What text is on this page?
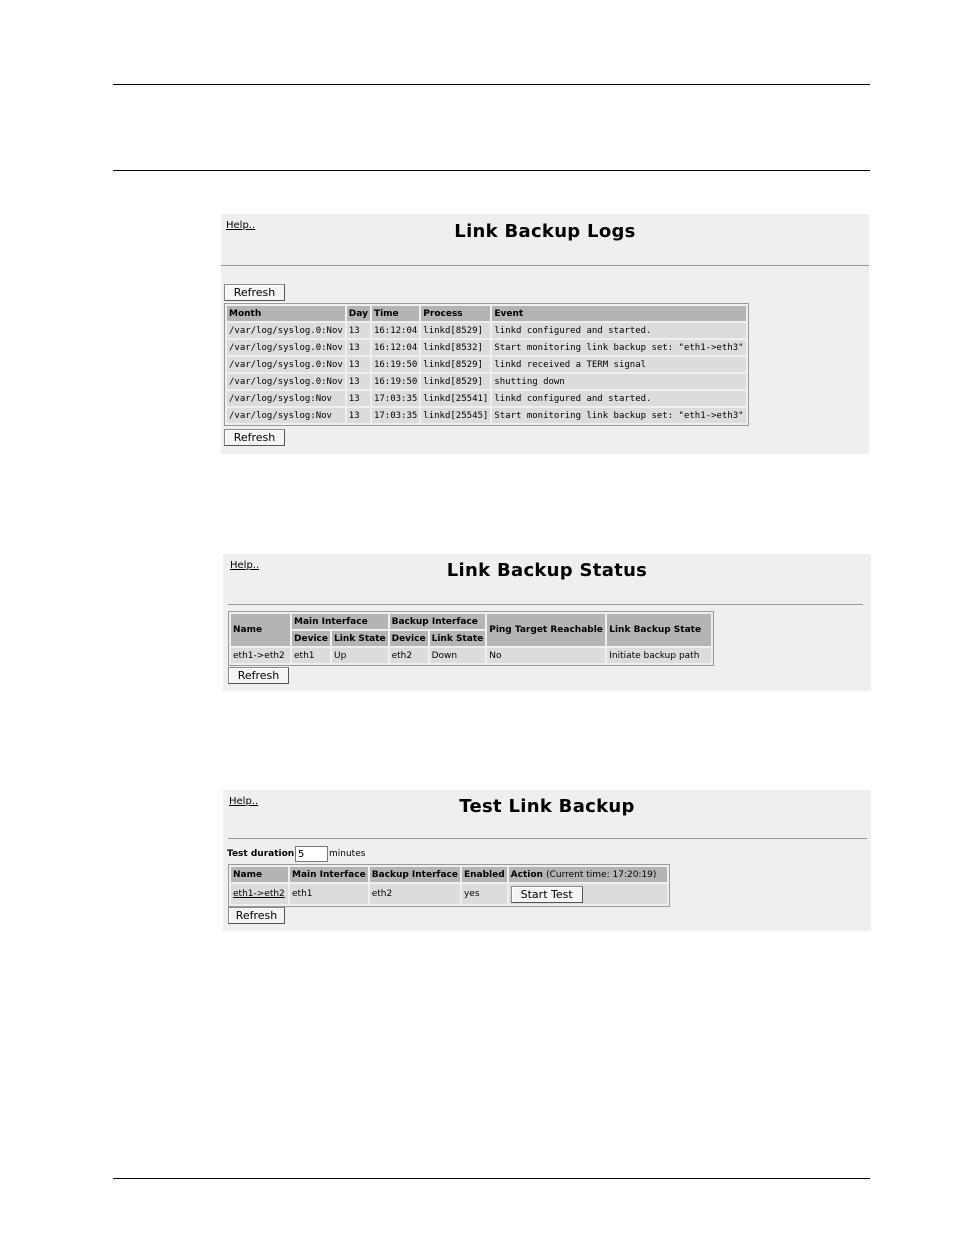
Help..	Link Backup Logs
Refresh
Month	Day	Time	Process	Event
/var/log/syslog.0:Nov	13	16:12:04	linkd[8529]	linkd configured and started.
/var/log/syslog.0:Nov	13	16:12:04	linkd[8532]	Start monitoring link backup set: "eth1->eth3"
/var/log/syslog.0:Nov	13	16:19:50	linkd[8529]	linkd received a TERM signal
/var/log/syslog.0:Nov	13	16:19:50	linkd[8529]	shutting down
/var/log/syslog:Nov	13	17:03:35	linkd[25541]	linkd configured and started.
/var/log/syslog:Nov	13	17:03:35	linkd[25545]	Start monitoring link backup set: "eth1->eth3"
Refresh
Help..	Link Backup Status
Name	Main Interface		Backup Interface		Ping Target Reachable	Link Backup State
	Device	Link State	Device	Link State		
eth1->eth2	eth1	Up	eth2	Down	No	Initiate backup path
Refresh
Help..	Test Link Backup
Test duration
5	minutes
Name	Main Interface	Backup Interface	Enabled	Action (Current time: 17:20:19)
eth1->eth2	eth1	eth2	yes	Start Test
Refresh
